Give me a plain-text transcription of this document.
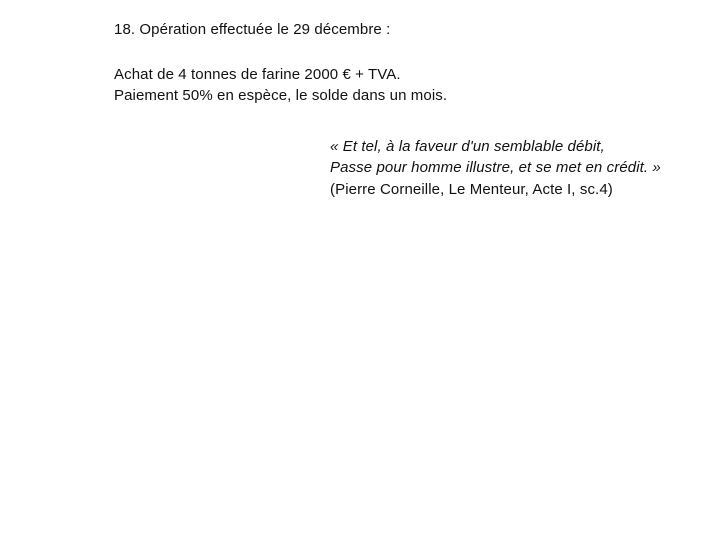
18. Opération effectuée le 29 décembre :
Achat de 4 tonnes de farine 2000 € + TVA.
Paiement 50% en espèce, le solde dans un mois.
« Et tel, à la faveur d'un semblable débit,
Passe pour homme illustre, et se met en crédit. »
(Pierre Corneille, Le Menteur, Acte I, sc.4)
